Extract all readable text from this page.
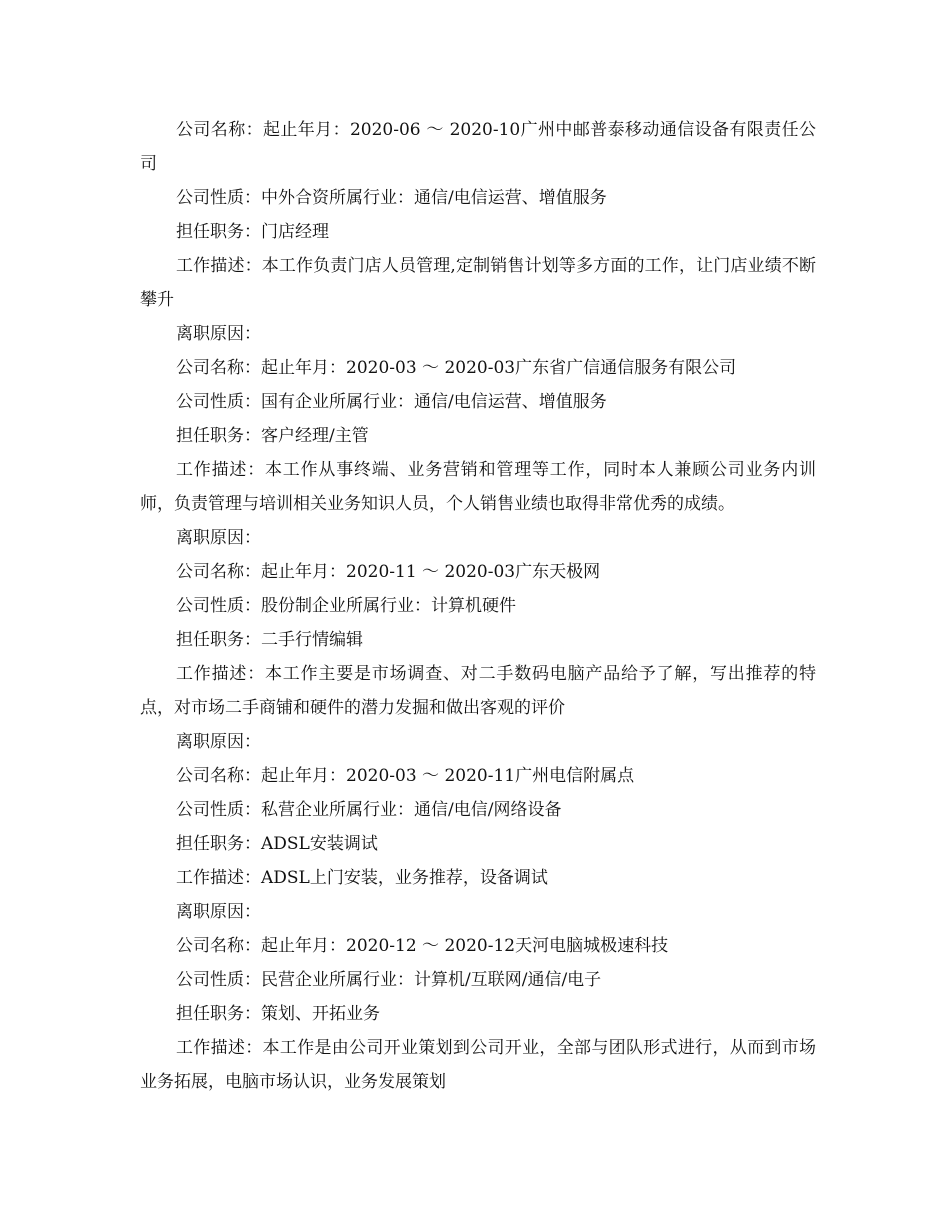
公司名称：起止年月：2020-06 ～ 2020-10广州中邮普泰移动通信设备有限责任公司

公司性质：中外合资所属行业：通信/电信运营、增值服务

担任职务：门店经理

工作描述：本工作负责门店人员管理,定制销售计划等多方面的工作，让门店业绩不断攀升

离职原因：

公司名称：起止年月：2020-03 ～ 2020-03广东省广信通信服务有限公司

公司性质：国有企业所属行业：通信/电信运营、增值服务

担任职务：客户经理/主管

工作描述：本工作从事终端、业务营销和管理等工作，同时本人兼顾公司业务内训师，负责管理与培训相关业务知识人员，个人销售业绩也取得非常优秀的成绩。

离职原因：

公司名称：起止年月：2020-11 ～ 2020-03广东天极网

公司性质：股份制企业所属行业：计算机硬件

担任职务：二手行情编辑

工作描述：本工作主要是市场调查、对二手数码电脑产品给予了解，写出推荐的特点，对市场二手商铺和硬件的潜力发掘和做出客观的评价

离职原因：

公司名称：起止年月：2020-03 ～ 2020-11广州电信附属点

公司性质：私营企业所属行业：通信/电信/网络设备

担任职务：ADSL安装调试

工作描述：ADSL上门安装，业务推荐，设备调试

离职原因：

公司名称：起止年月：2020-12 ～ 2020-12天河电脑城极速科技

公司性质：民营企业所属行业：计算机/互联网/通信/电子

担任职务：策划、开拓业务

工作描述：本工作是由公司开业策划到公司开业，全部与团队形式进行，从而到市场业务拓展，电脑市场认识，业务发展策划
